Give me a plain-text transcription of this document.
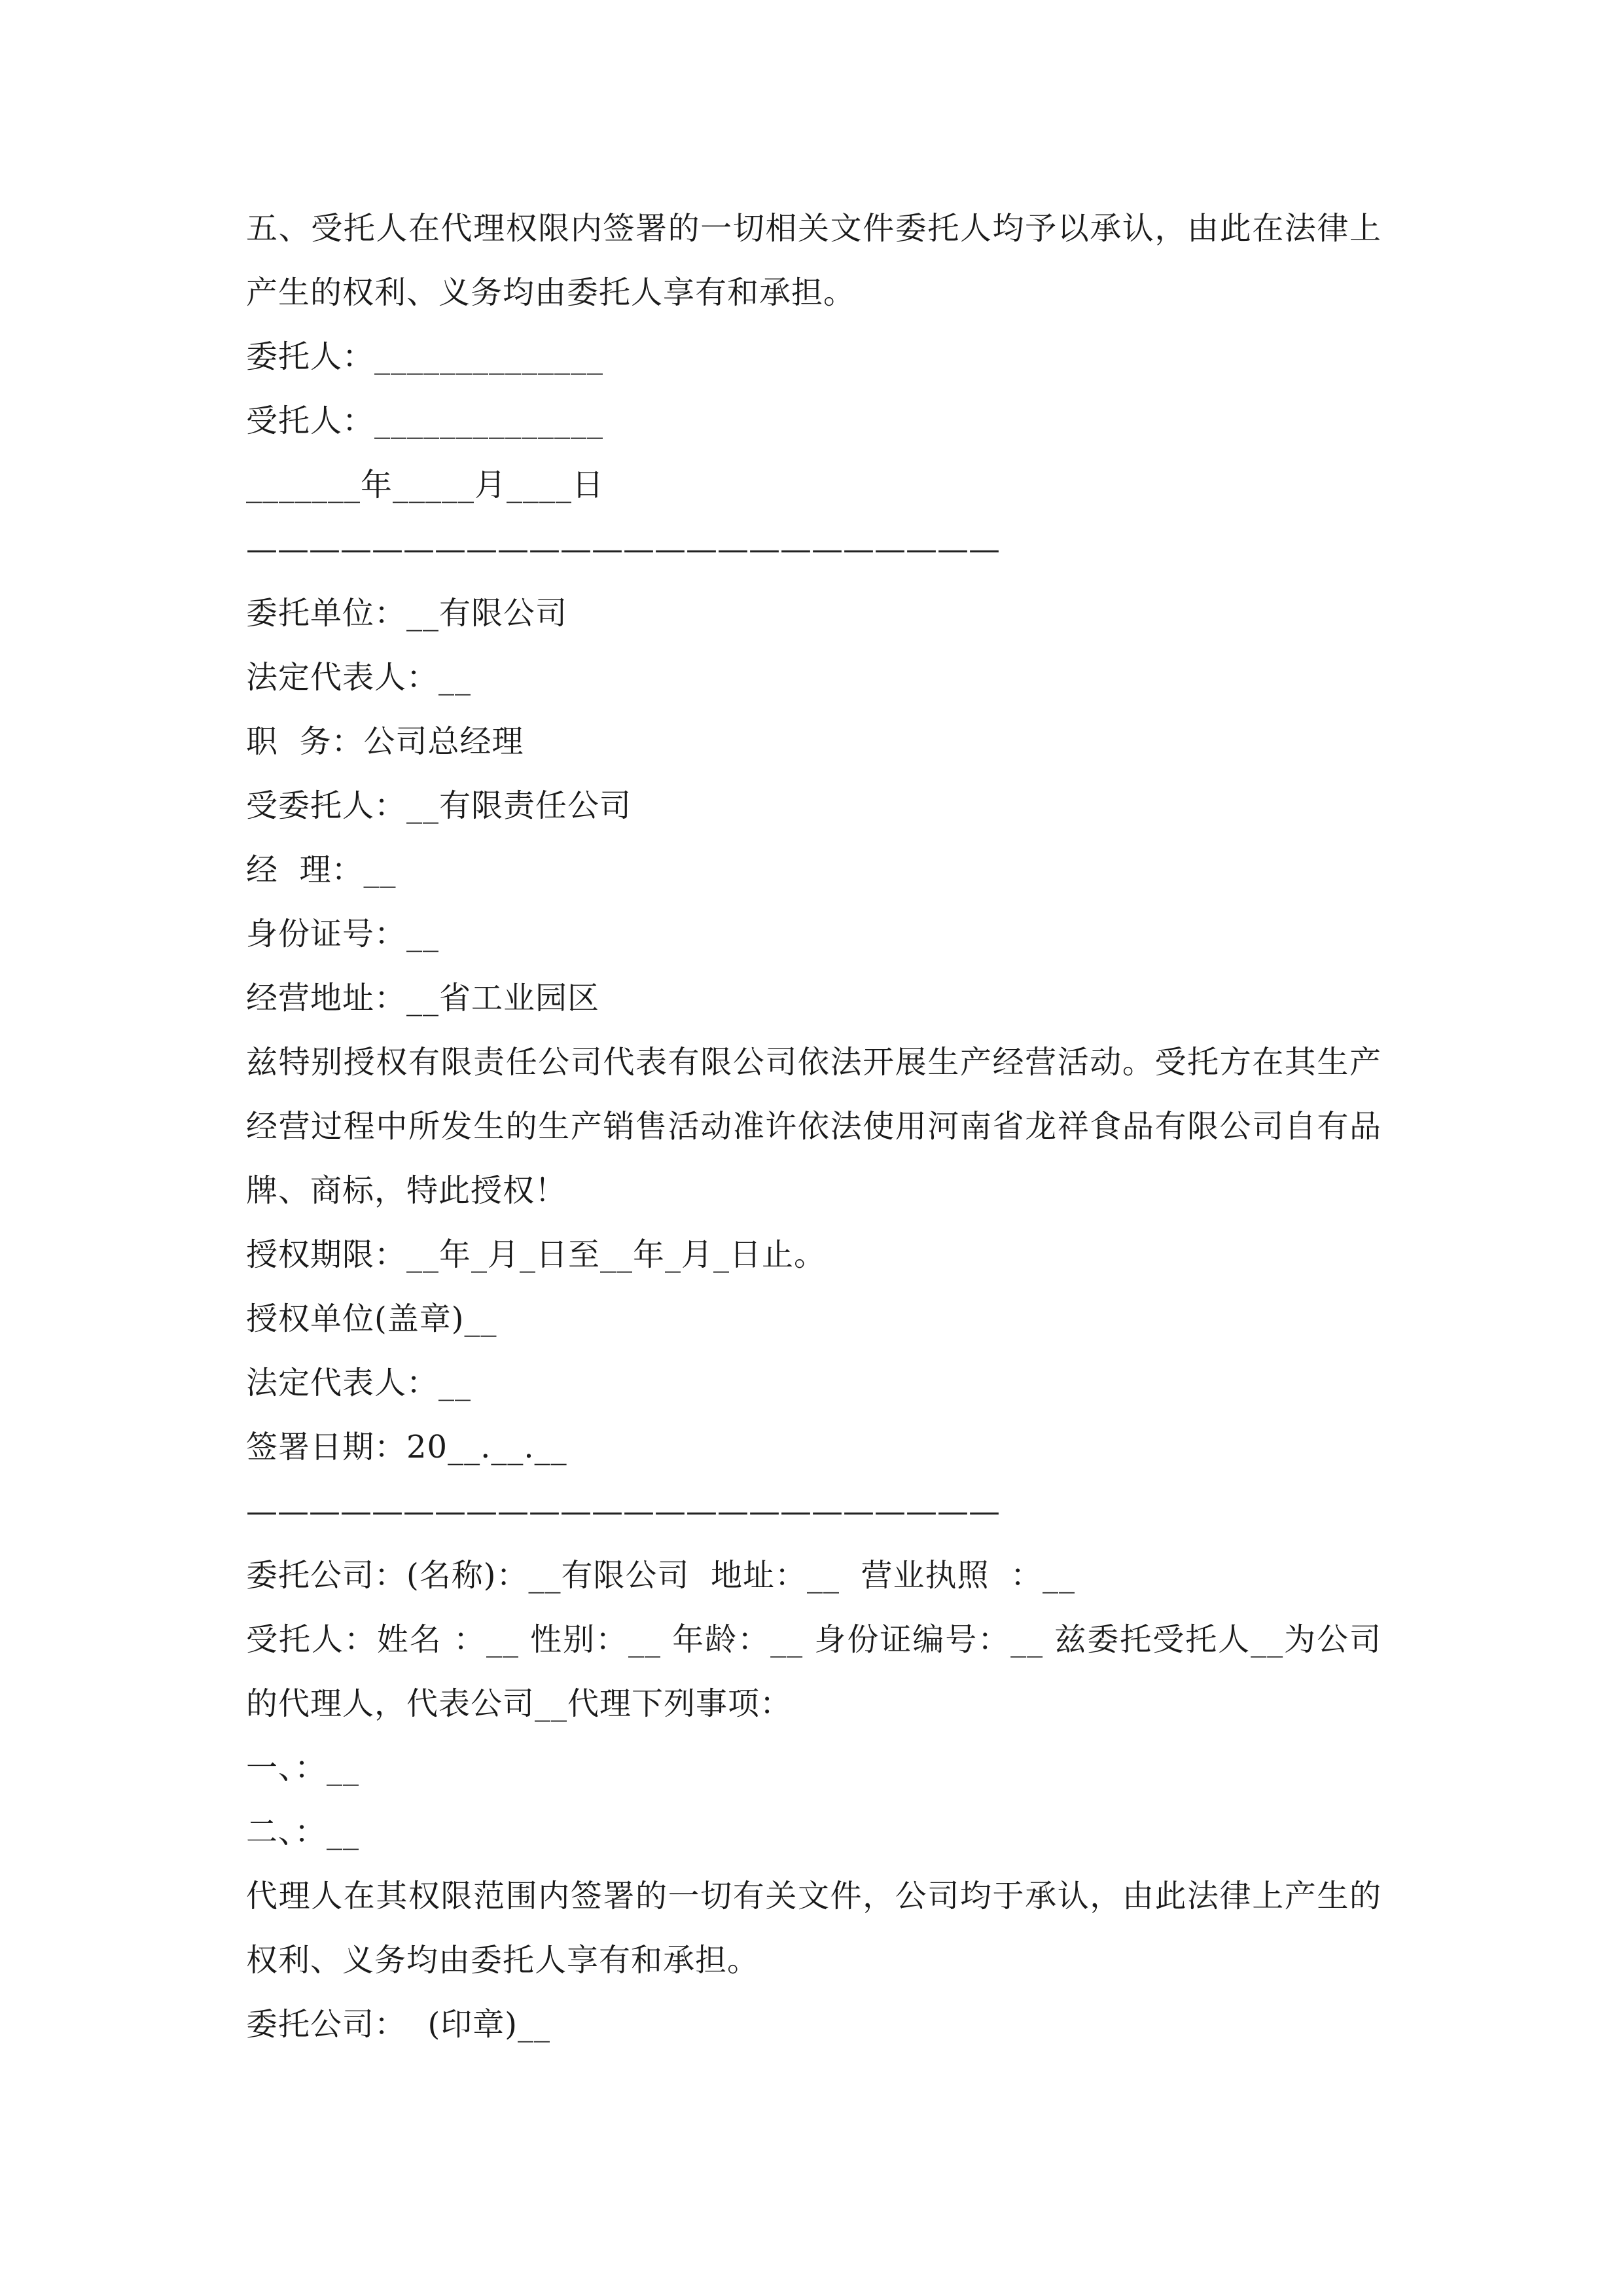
五、受托人在代理权限内签署的一切相关文件委托人均予以承认，由此在法律上产生的权利、义务均由委托人享有和承担。
委托人：______________
受托人：______________
_______年_____月____日
————————————————————————
委托单位：__有限公司
法定代表人：__
职  务：公司总经理
受委托人：__有限责任公司
经  理：__
身份证号：__
经营地址：__省工业园区
兹特别授权有限责任公司代表有限公司依法开展生产经营活动。受托方在其生产经营过程中所发生的生产销售活动准许依法使用河南省龙祥食品有限公司自有品牌、商标，特此授权！
授权期限：__年_月_日至__年_月_日止。
授权单位(盖章)__
法定代表人：__
签署日期：20__.__.__
————————————————————————
委托公司：(名称)：__有限公司  地址：__  营业执照  ：__
受托人：姓名 ：__ 性别：__ 年龄：__ 身份证编号：__ 兹委托受托人__为公司的代理人，代表公司__代理下列事项：
一、：__
二、：__
代理人在其权限范围内签署的一切有关文件，公司均于承认，由此法律上产生的权利、义务均由委托人享有和承担。
委托公司：  (印章)__
